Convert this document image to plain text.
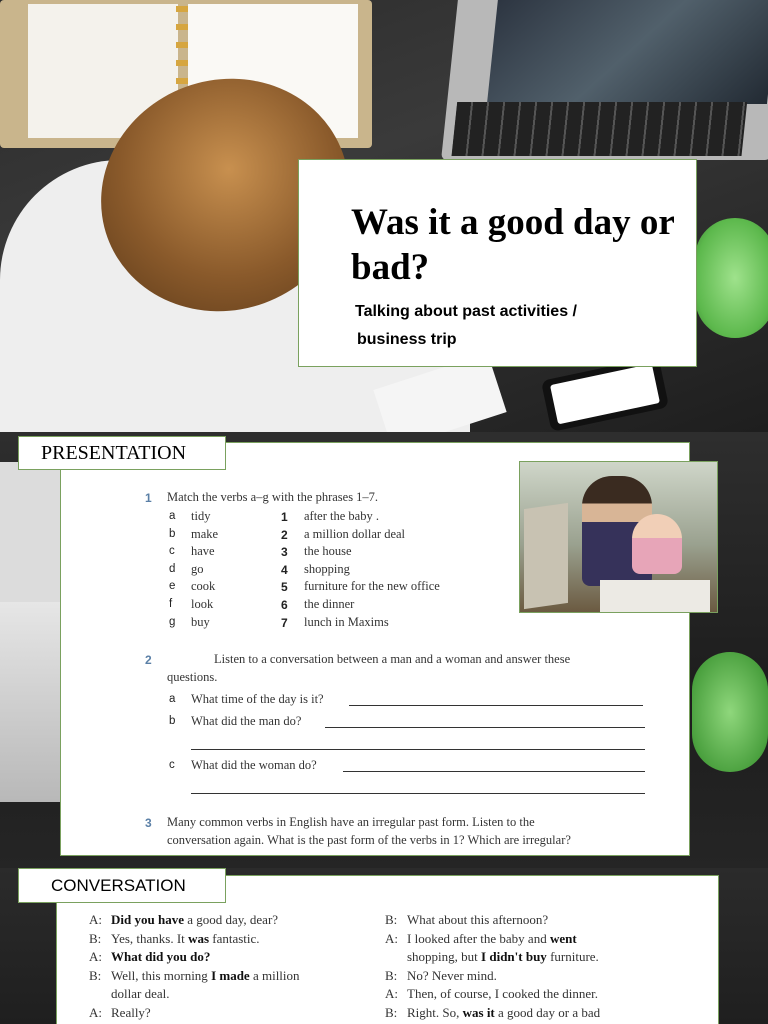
Was it a good day or bad?
Talking about past activities /
business trip
1 Match the verbs a–g with the phrases 1–7.
a tidy
b make
c have
d go
e cook
f look
g buy
1 after the baby .
2 a million dollar deal
3 the house
4 shopping
5 furniture for the new office
6 the dinner
7 lunch in Maxims
2	Listen to a conversation between a man and a woman and answer these
questions.
a What time of the day is it?
b What did the man do?
c What did the woman do?
3 Many common verbs in English have an irregular past form. Listen to the
conversation again. What is the past form of the verbs in 1? Which are irregular?
PRESENTATION
A: Did you have a good day, dear?
B: Yes, thanks. It was fantastic.
A: What did you do?
B: Well, this morning I made a million
dollar deal.
A: Really?
B: What about this afternoon?
A: I looked after the baby and went
shopping, but I didn't buy furniture.
B: No? Never mind.
A: Then, of course, I cooked the dinner.
B: Right. So, was it a good day or a bad
CONVERSATION
